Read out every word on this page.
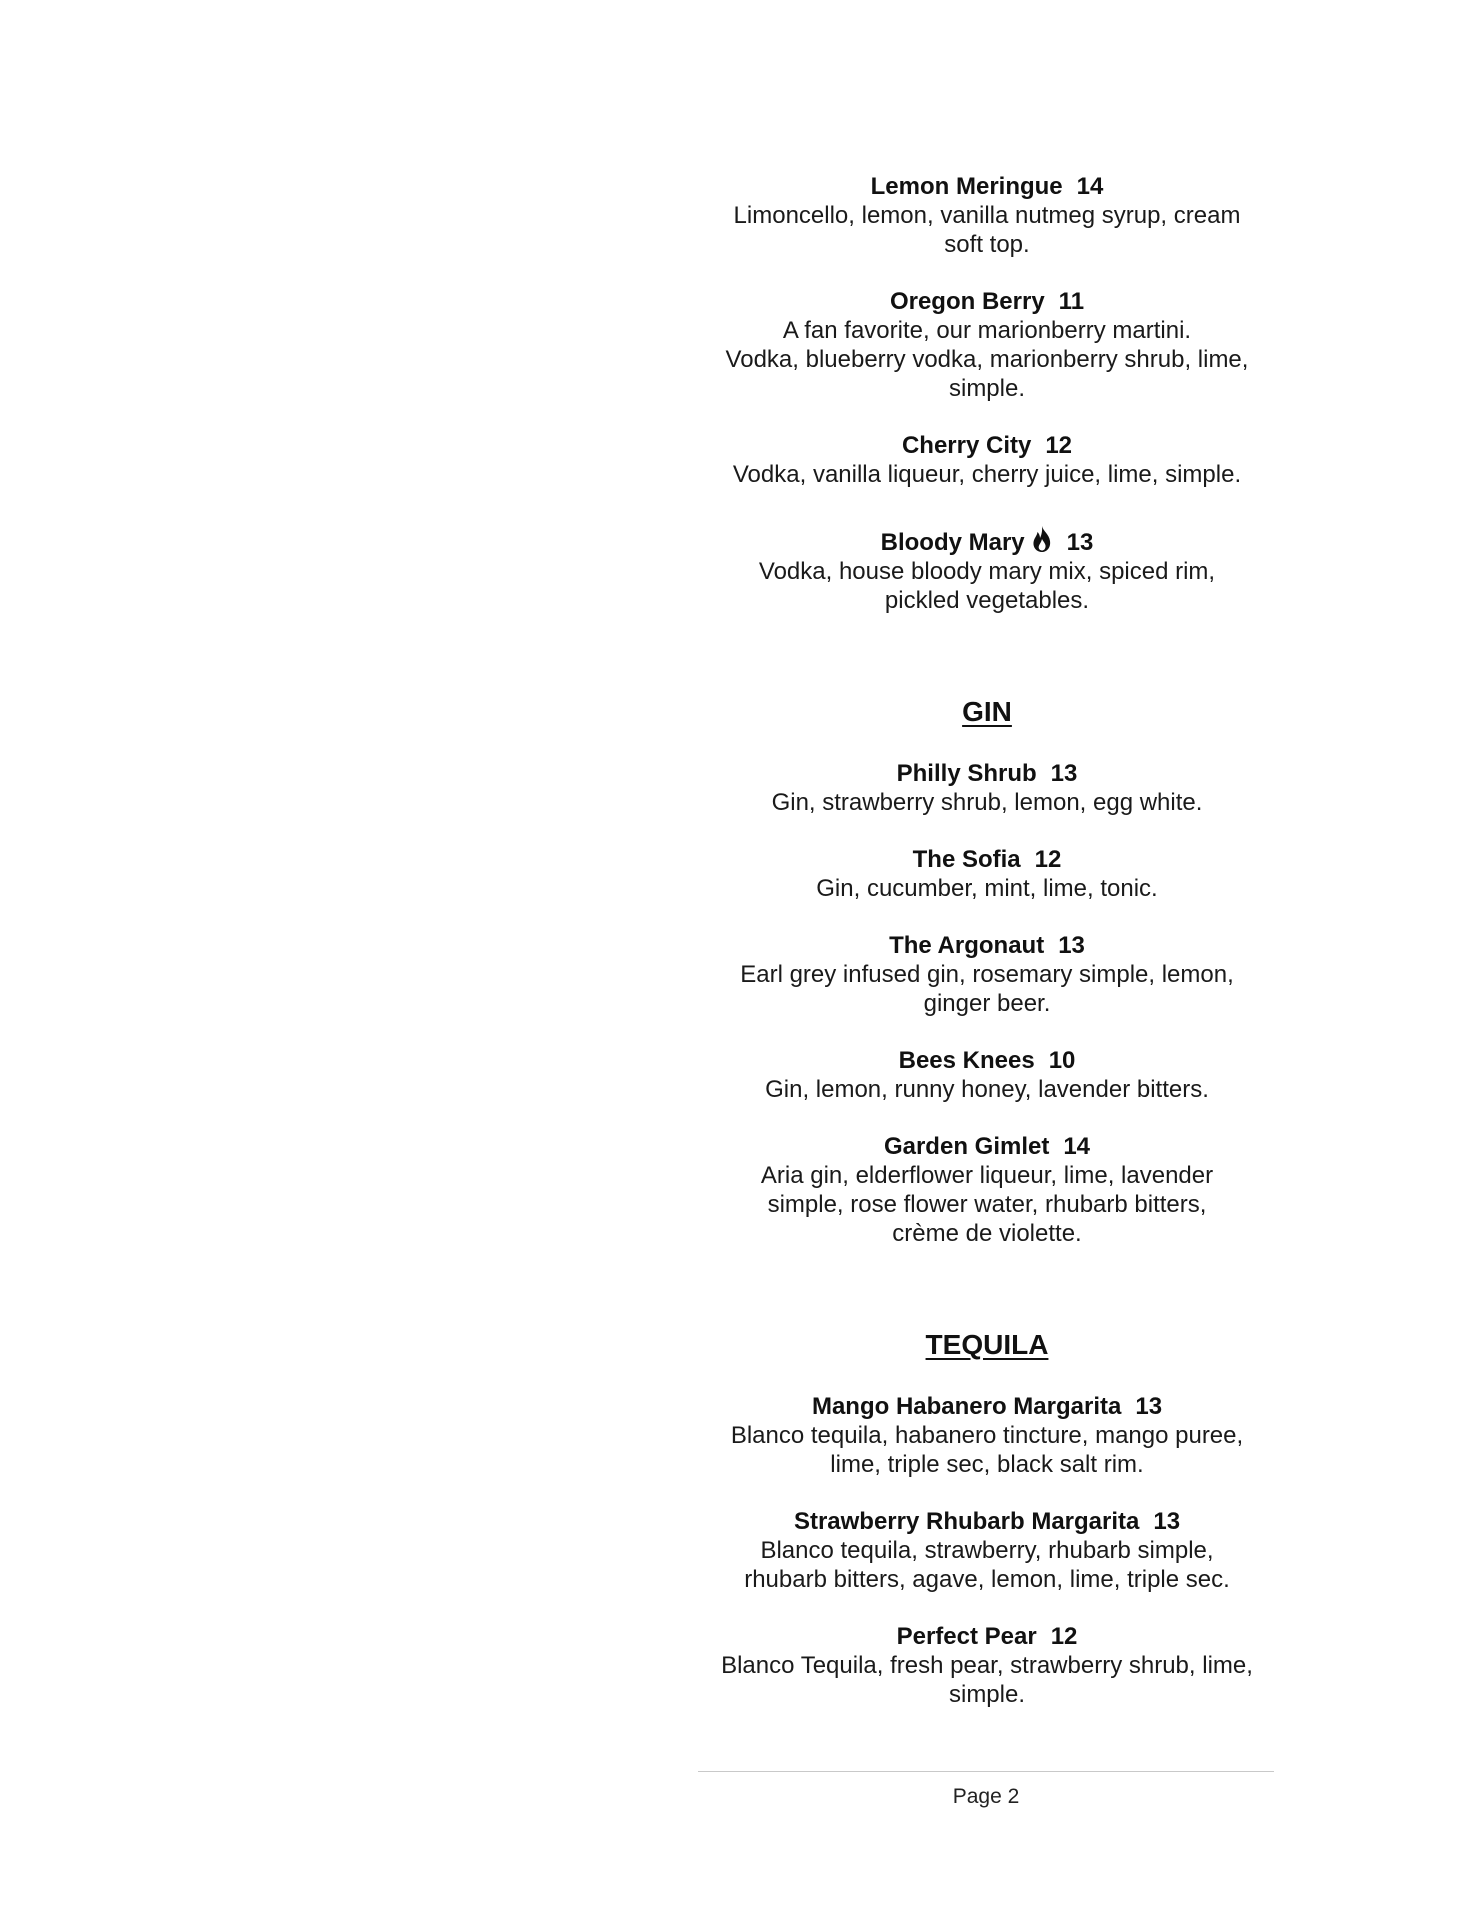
Lemon Meringue 14

Limoncello, lemon, vanilla nutmeg syrup, cream

soft top.

Oregon Berry 11

A fan favorite, our marionberry martini.

Vodka, blueberry vodka, marionberry shrub, lime,

simple.

Cherry City 12

Vodka, vanilla liqueur, cherry juice, lime, simple.

Bloody Mary 13

Vodka, house bloody mary mix, spiced rim,

pickled vegetables.

GIN

Philly Shrub 13

Gin, strawberry shrub, lemon, egg white.

The Sofia 12

Gin, cucumber, mint, lime, tonic.

The Argonaut 13

Earl grey infused gin, rosemary simple, lemon,

ginger beer.

Bees Knees 10

Gin, lemon, runny honey, lavender bitters.

Garden Gimlet 14

Aria gin, elderflower liqueur, lime, lavender

simple, rose flower water, rhubarb bitters,

crème de violette.

TEQUILA

Mango Habanero Margarita 13

Blanco tequila, habanero tincture, mango puree,

lime, triple sec, black salt rim.

Strawberry Rhubarb Margarita 13

Blanco tequila, strawberry, rhubarb simple,

rhubarb bitters, agave, lemon, lime, triple sec.

Perfect Pear 12

Blanco Tequila, fresh pear, strawberry shrub, lime,

simple.

Page 2
